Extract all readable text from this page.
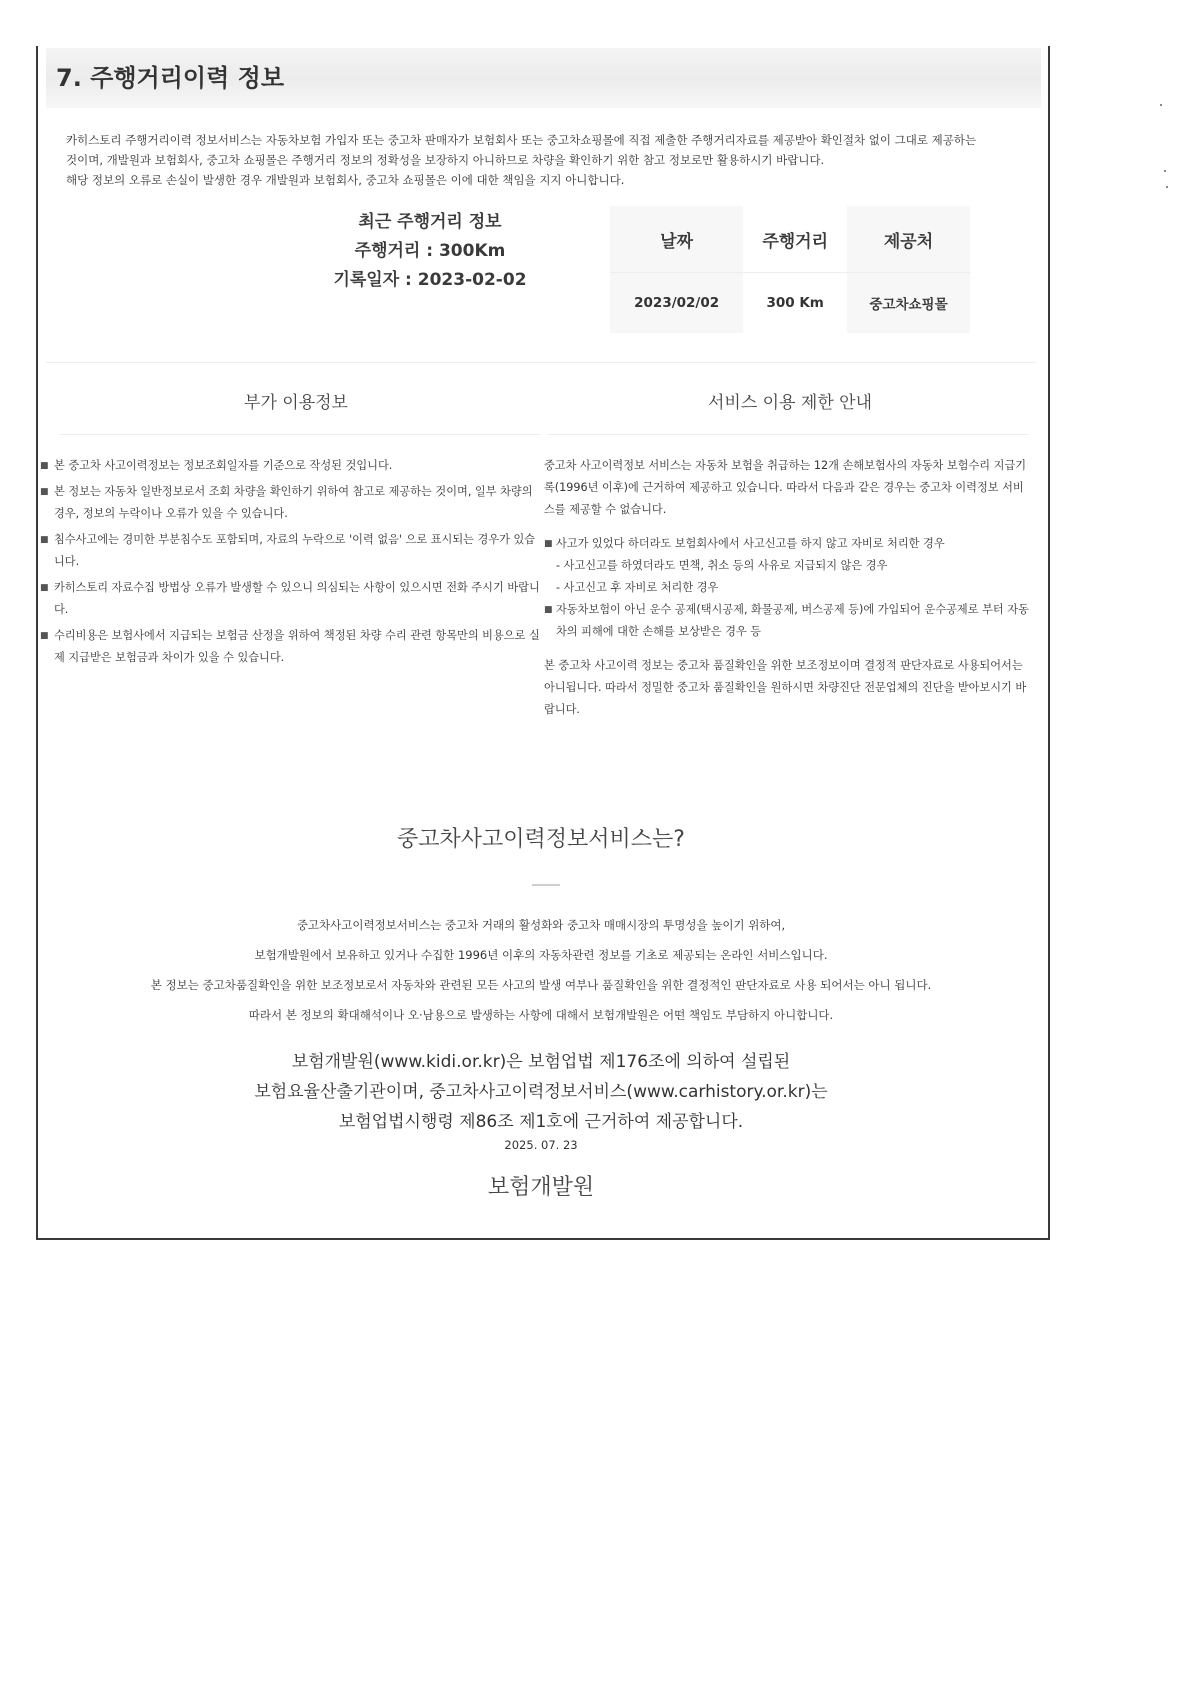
7. 주행거리이력 정보

카히스토리 주행거리이력 정보서비스는 자동차보험 가입자 또는 중고차 판매자가 보험회사 또는 중고차쇼핑몰에 직접 제출한 주행거리자료를 제공받아 확인절차 없이 그대로 제공하는

것이며, 개발원과 보험회사, 중고차 쇼핑몰은 주행거리 정보의 정확성을 보장하지 아니하므로 차량을 확인하기 위한 참고 정보로만 활용하시기 바랍니다.

해당 정보의 오류로 손실이 발생한 경우 개발원과 보험회사, 중고차 쇼핑몰은 이에 대한 책임을 지지 아니합니다.

최근 주행거리 정보
주행거리 : 300Km
기록일자 : 2023-02-02
날짜	주행거리	제공처
2023/02/02	300 Km	중고차쇼핑몰
부가 이용정보	서비스 이용 제한 안내
■ 본 중고차 사고이력정보는 정보조회일자를 기준으로 작성된 것입니다.
■ 본 정보는 자동차 일반정보로서 조회 차량을 확인하기 위하여 참고로 제공하는 것이며, 일부 차량의 경우, 정보의 누락이나 오류가 있을 수 있습니다.
■ 침수사고에는 경미한 부분침수도 포함되며, 자료의 누락으로 '이력 없음' 으로 표시되는 경우가 있습니다.
■ 카히스토리 자료수집 방법상 오류가 발생할 수 있으니 의심되는 사항이 있으시면 전화 주시기 바랍니다.
■ 수리비용은 보험사에서 지급되는 보험금 산정을 위하여 책정된 차량 수리 관련 항목만의 비용으로 실제 지급받은 보험금과 차이가 있을 수 있습니다.

중고차 사고이력정보 서비스는 자동차 보험을 취급하는 12개 손해보험사의 자동차 보험수리 지급기록(1996년 이후)에 근거하여 제공하고 있습니다. 따라서 다음과 같은 경우는 중고차 이력정보 서비스를 제공할 수 없습니다.

■ 사고가 있었다 하더라도 보험회사에서 사고신고를 하지 않고 자비로 처리한 경우

- 사고신고를 하였더라도 면책, 취소 등의 사유로 지급되지 않은 경우

- 사고신고 후 자비로 처리한 경우

■ 자동차보험이 아닌 운수 공제(택시공제, 화물공제, 버스공제 등)에 가입되어 운수공제로 부터 자동차의 피해에 대한 손해를 보상받은 경우 등

본 중고차 사고이력 정보는 중고차 품질확인을 위한 보조정보이며 결정적 판단자료로 사용되어서는 아니됩니다. 따라서 정밀한 중고차 품질확인을 원하시면 차량진단 전문업체의 진단을 받아보시기 바랍니다.

중고차사고이력정보서비스는?

중고차사고이력정보서비스는 중고차 거래의 활성화와 중고차 매매시장의 투명성을 높이기 위하여,

보험개발원에서 보유하고 있거나 수집한 1996년 이후의 자동차관련 정보를 기초로 제공되는 온라인 서비스입니다.

본 정보는 중고차품질확인을 위한 보조정보로서 자동차와 관련된 모든 사고의 발생 여부나 품질확인을 위한 결정적인 판단자료로 사용 되어서는 아니 됩니다.

따라서 본 정보의 확대해석이나 오·남용으로 발생하는 사항에 대해서 보험개발원은 어떤 책임도 부담하지 아니합니다.

보험개발원(www.kidi.or.kr)은 보험업법 제176조에 의하여 설립된

보험요율산출기관이며, 중고차사고이력정보서비스(www.carhistory.or.kr)는

보험업법시행령 제86조 제1호에 근거하여 제공합니다.

2025. 07. 23
보험개발원
